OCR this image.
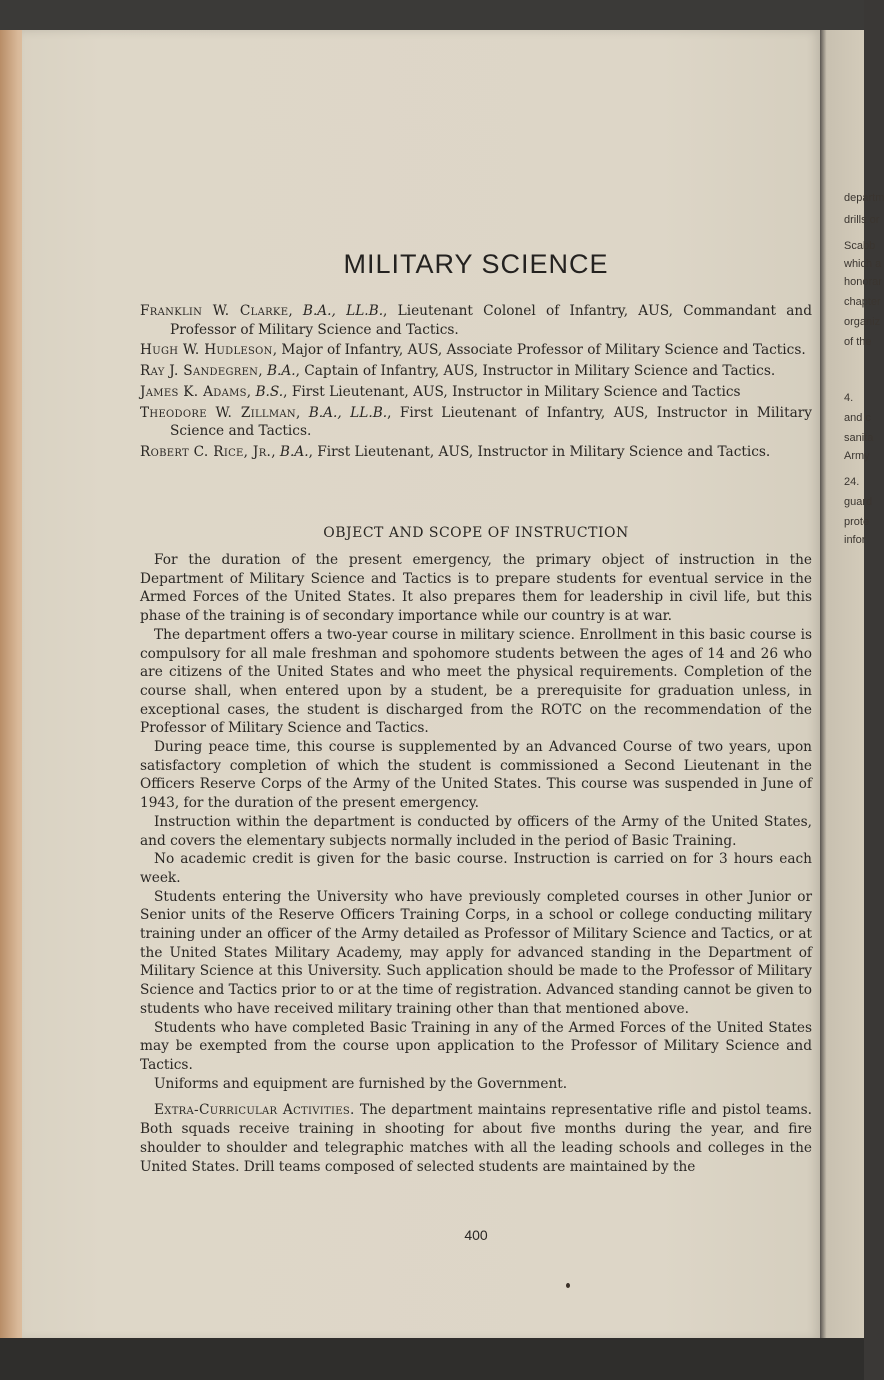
MILITARY SCIENCE

Franklin W. Clarke, B.A., LL.B., Lieutenant Colonel of Infantry, AUS, Commandant and Professor of Military Science and Tactics.

Hugh W. Hudleson, Major of Infantry, AUS, Associate Professor of Military Science and Tactics.

Ray J. Sandegren, B.A., Captain of Infantry, AUS, Instructor in Military Science and Tactics.

James K. Adams, B.S., First Lieutenant, AUS, Instructor in Military Science and Tactics

Theodore W. Zillman, B.A., LL.B., First Lieutenant of Infantry, AUS, Instructor in Military Science and Tactics.

Robert C. Rice, Jr., B.A., First Lieutenant, AUS, Instructor in Military Science and Tactics.

OBJECT AND SCOPE OF INSTRUCTION

For the duration of the present emergency, the primary object of instruction in the Department of Military Science and Tactics is to prepare students for eventual service in the Armed Forces of the United States. It also prepares them for leadership in civil life, but this phase of the training is of secondary importance while our country is at war.

The department offers a two-year course in military science. Enrollment in this basic course is compulsory for all male freshman and spohomore students between the ages of 14 and 26 who are citizens of the United States and who meet the physical requirements. Completion of the course shall, when entered upon by a student, be a prerequisite for graduation unless, in exceptional cases, the student is discharged from the ROTC on the recommendation of the Professor of Military Science and Tactics.

During peace time, this course is supplemented by an Advanced Course of two years, upon satisfactory completion of which the student is commissioned a Second Lieutenant in the Officers Reserve Corps of the Army of the United States. This course was suspended in June of 1943, for the duration of the present emergency.

Instruction within the department is conducted by officers of the Army of the United States, and covers the elementary subjects normally included in the period of Basic Training.

No academic credit is given for the basic course. Instruction is carried on for 3 hours each week.

Students entering the University who have previously completed courses in other Junior or Senior units of the Reserve Officers Training Corps, in a school or college conducting military training under an officer of the Army detailed as Professor of Military Science and Tactics, or at the United States Military Academy, may apply for advanced standing in the Department of Military Science at this University. Such application should be made to the Professor of Military Science and Tactics prior to or at the time of registration. Advanced standing cannot be given to students who have received military training other than that mentioned above.

Students who have completed Basic Training in any of the Armed Forces of the United States may be exempted from the course upon application to the Professor of Military Science and Tactics.

Uniforms and equipment are furnished by the Government.

Extra-Curricular Activities. The department maintains representative rifle and pistol teams. Both squads receive training in shooting for about five months during the year, and fire shoulder to shoulder and telegraphic matches with all the leading schools and colleges in the United States. Drill teams composed of selected students are maintained by the

400
departm
drills or
Scabb
which a
honorar
chapter
organiz
of the
4.
and c
sanita
Army
24.
guard
prote
infor
